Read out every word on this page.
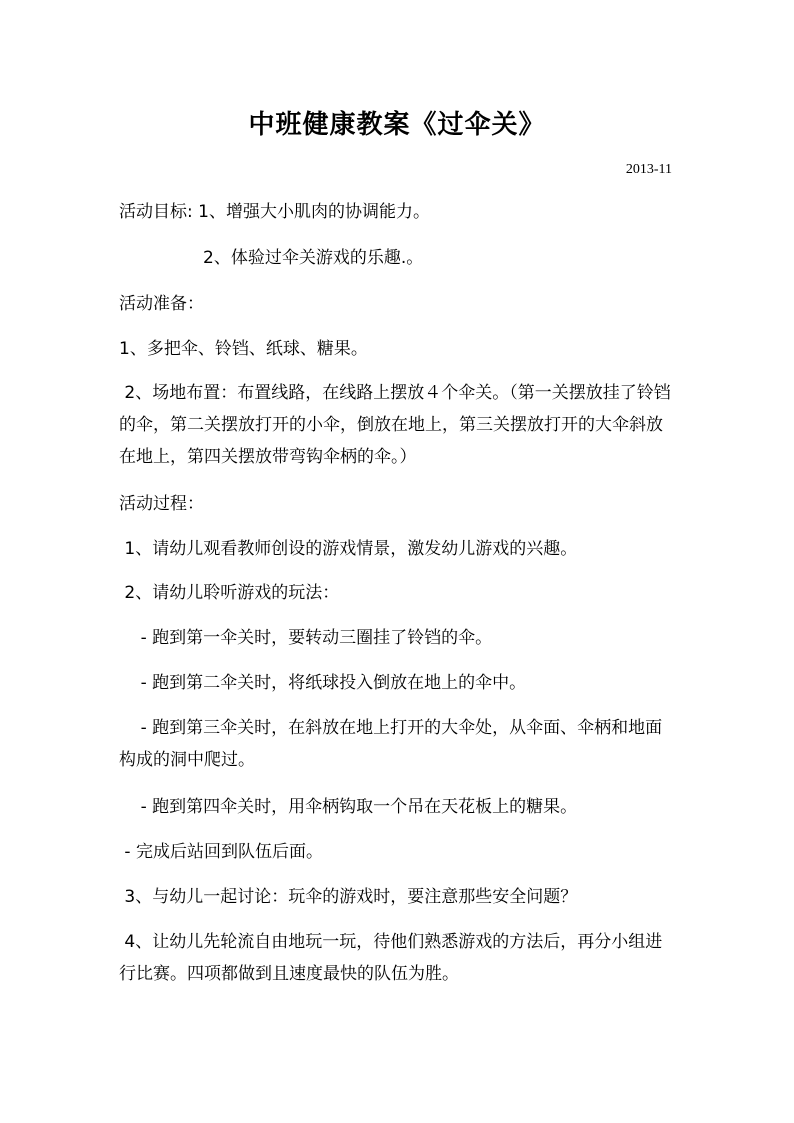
中班健康教案《过伞关》
2013-11
活动目标: 1、增强大小肌肉的协调能力。
2、体验过伞关游戏的乐趣.。
活动准备：
1、多把伞、铃铛、纸球、糖果。
2、场地布置：布置线路，在线路上摆放４个伞关。（第一关摆放挂了铃铛的伞，第二关摆放打开的小伞，倒放在地上，第三关摆放打开的大伞斜放在地上，第四关摆放带弯钩伞柄的伞。）
活动过程：
1、请幼儿观看教师创设的游戏情景，激发幼儿游戏的兴趣。
2、请幼儿聆听游戏的玩法：
- 跑到第一伞关时，要转动三圈挂了铃铛的伞。
- 跑到第二伞关时，将纸球投入倒放在地上的伞中。
- 跑到第三伞关时，在斜放在地上打开的大伞处，从伞面、伞柄和地面构成的洞中爬过。
- 跑到第四伞关时，用伞柄钩取一个吊在天花板上的糖果。
- 完成后站回到队伍后面。
3、与幼儿一起讨论：玩伞的游戏时，要注意那些安全问题？
4、让幼儿先轮流自由地玩一玩，待他们熟悉游戏的方法后，再分小组进行比赛。四项都做到且速度最快的队伍为胜。
